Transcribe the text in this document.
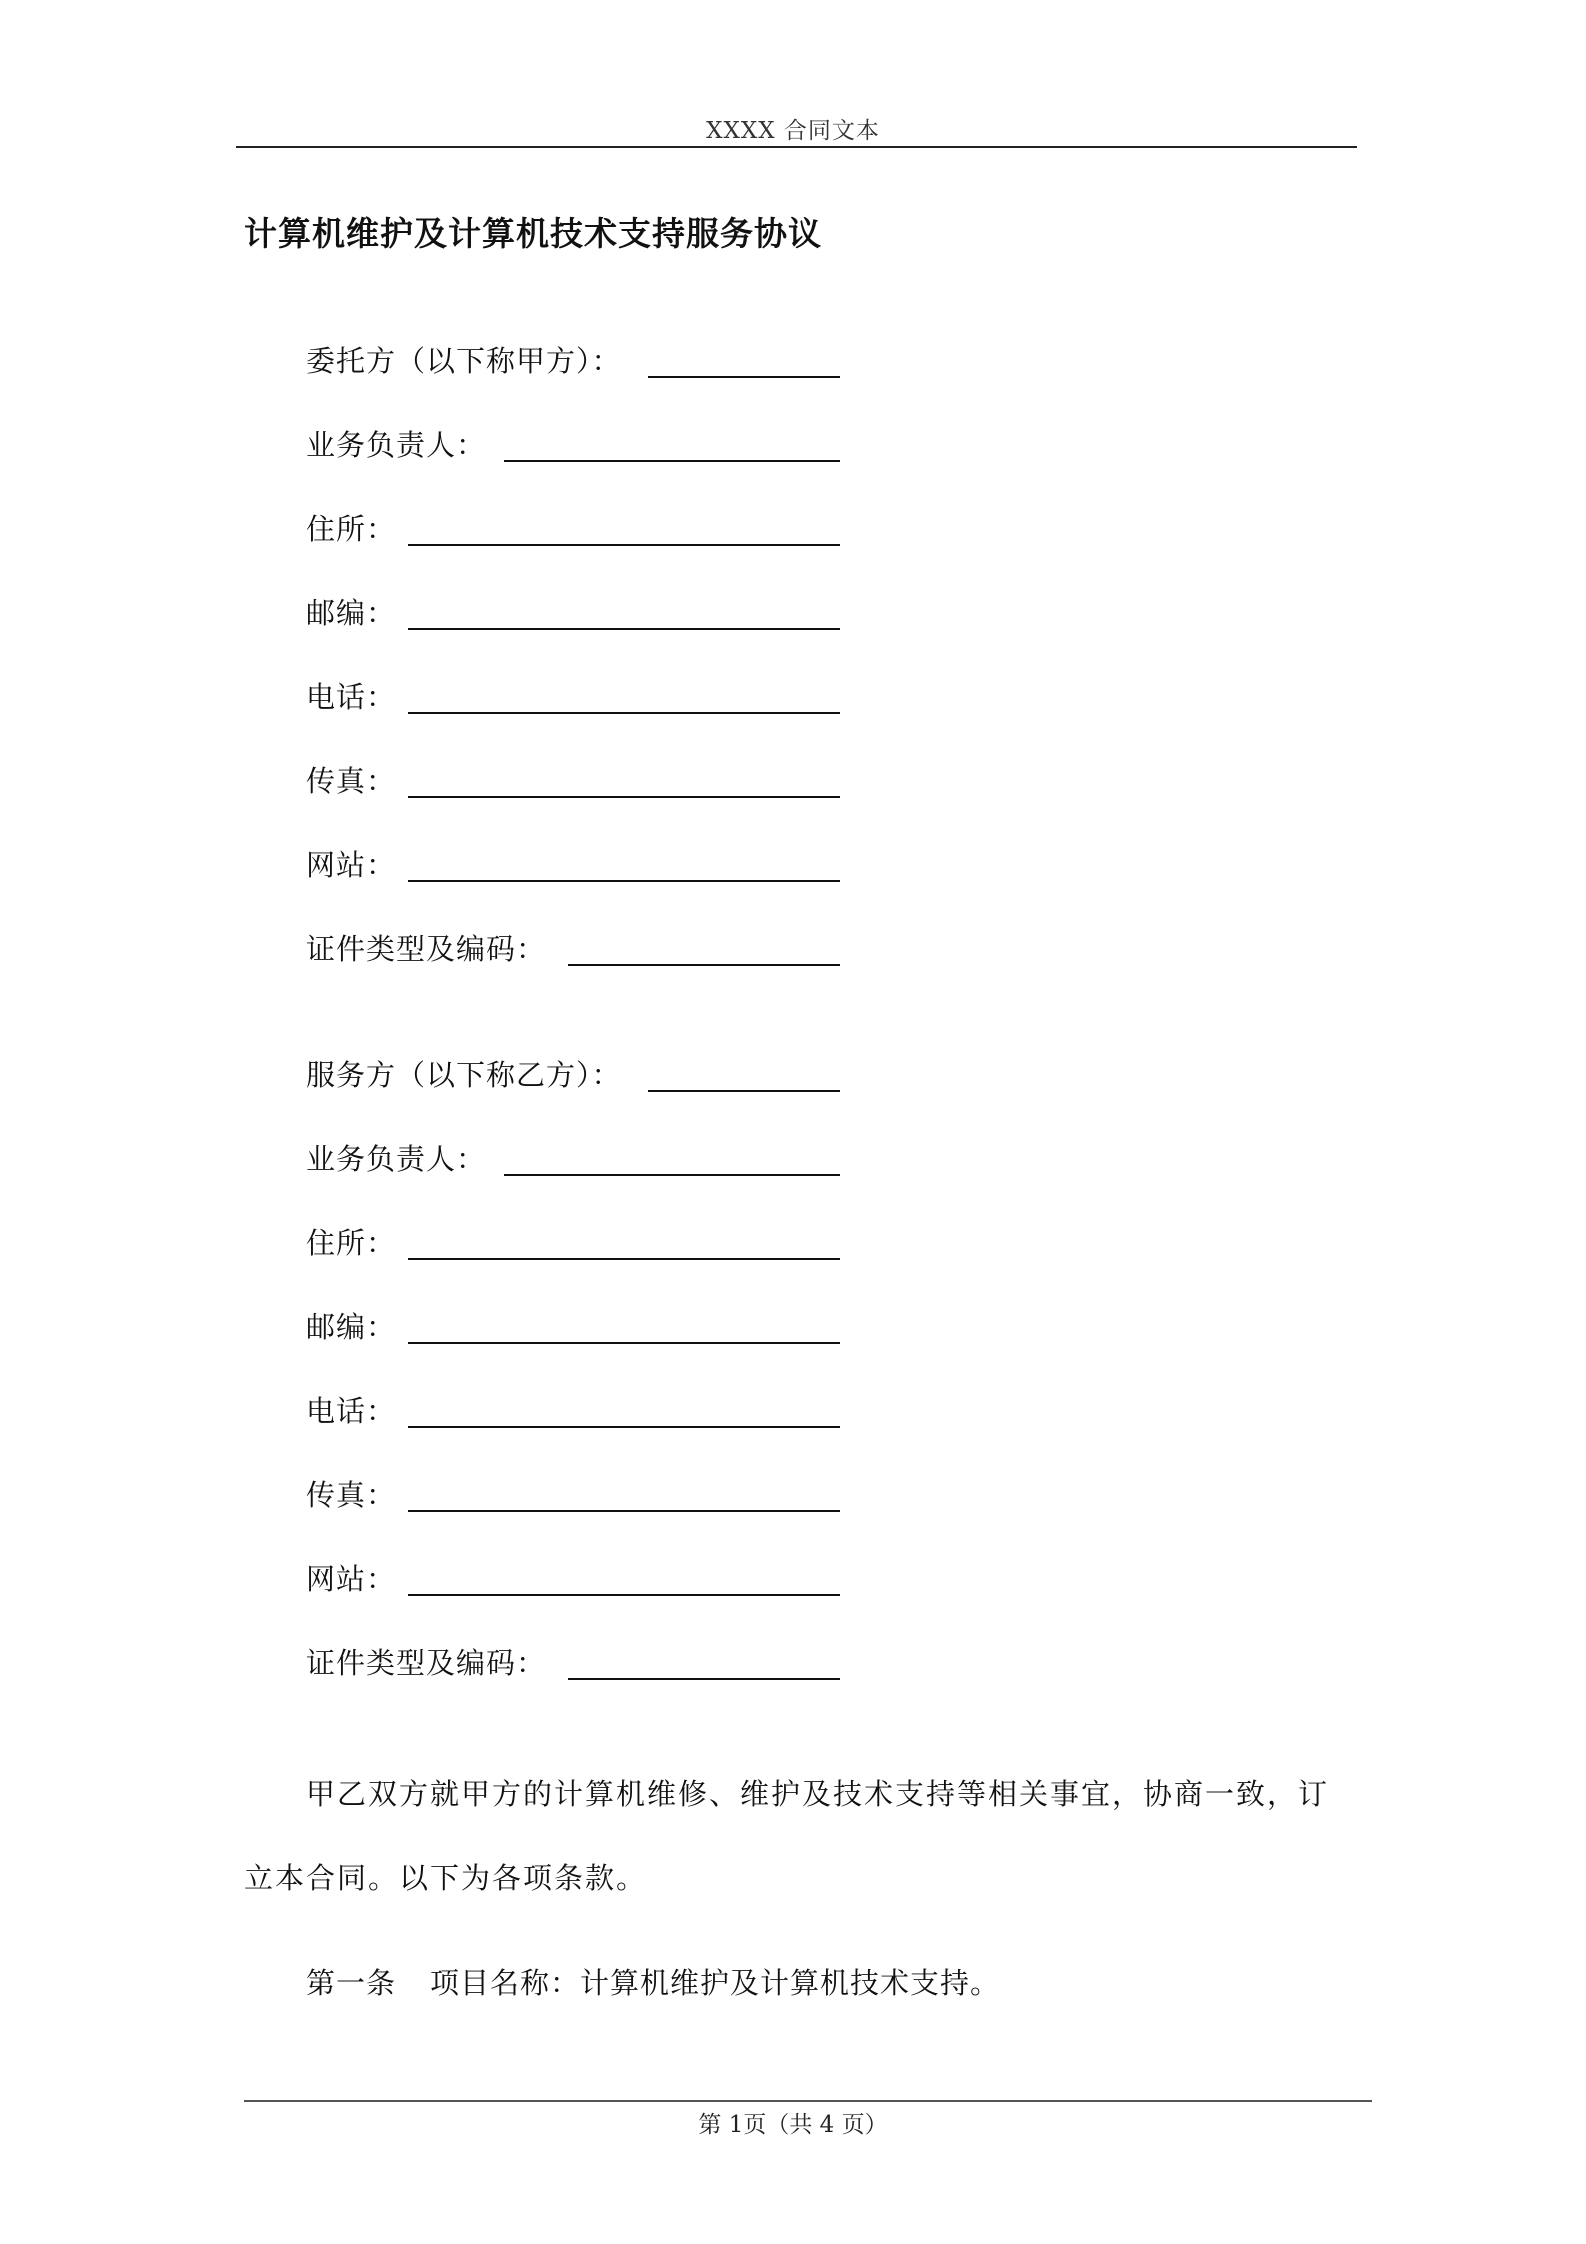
XXXX 合同文本
计算机维护及计算机技术支持服务协议
委托方（以下称甲方）：
业务负责人：
住所：
邮编：
电话：
传真：
网站：
证件类型及编码：
服务方（以下称乙方）：
业务负责人：
住所：
邮编：
电话：
传真：
网站：
证件类型及编码：
甲乙双方就甲方的计算机维修、维护及技术支持等相关事宜，协商一致，订立本合同。以下为各项条款。
第一条 项目名称：计算机维护及计算机技术支持。
第 1页（共 4 页）
